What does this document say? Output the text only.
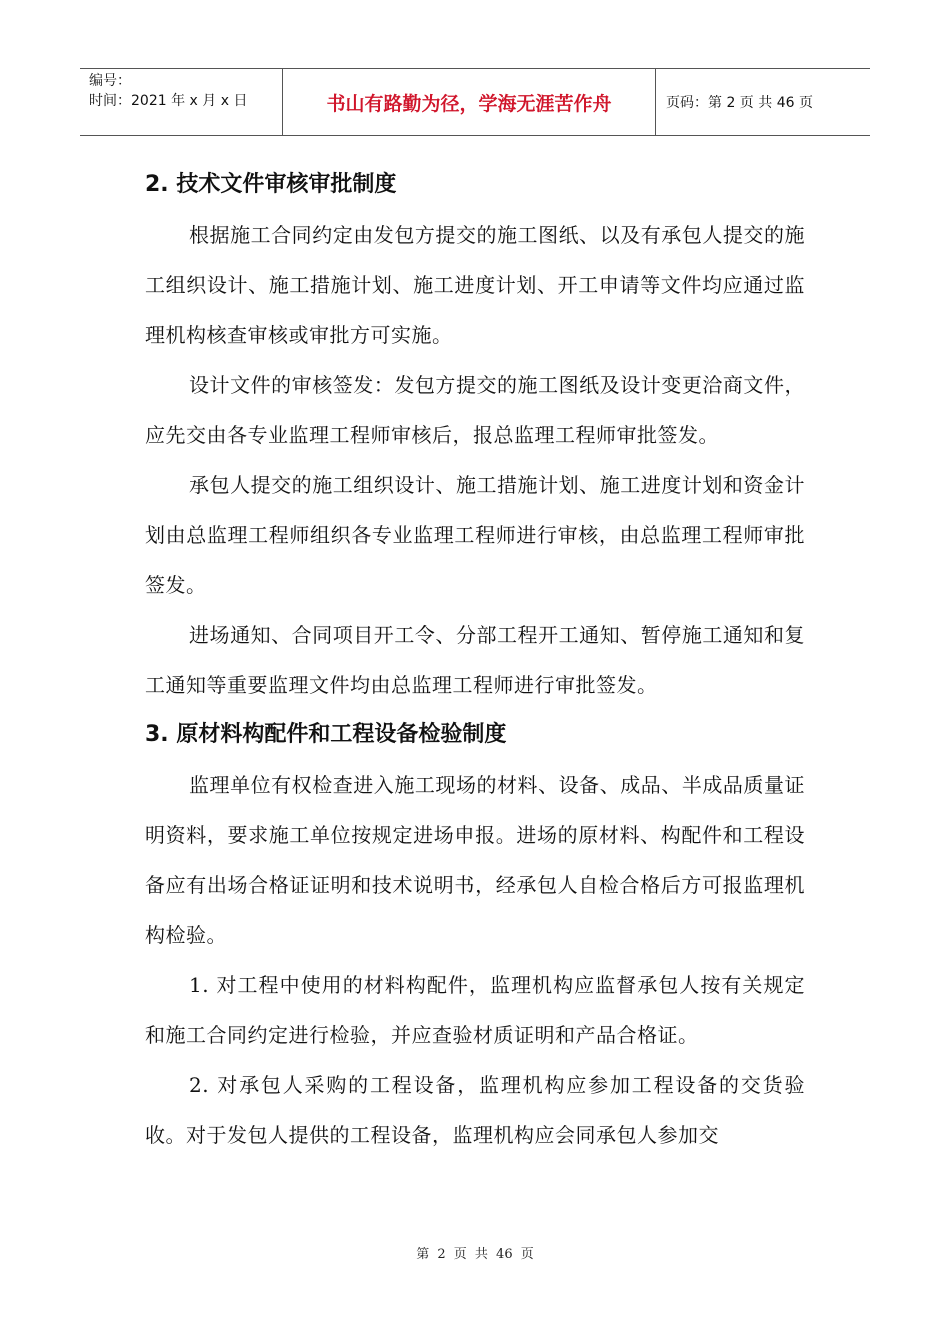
编号：
时间：2021 年 x 月 x 日	书山有路勤为径，学海无涯苦作舟	页码：第 2 页 共 46 页
2. 技术文件审核审批制度

根据施工合同约定由发包方提交的施工图纸、以及有承包人提交的施工组织设计、施工措施计划、施工进度计划、开工申请等文件均应通过监理机构核查审核或审批方可实施。

设计文件的审核签发：发包方提交的施工图纸及设计变更洽商文件，应先交由各专业监理工程师审核后，报总监理工程师审批签发。

承包人提交的施工组织设计、施工措施计划、施工进度计划和资金计划由总监理工程师组织各专业监理工程师进行审核，由总监理工程师审批签发。

进场通知、合同项目开工令、分部工程开工通知、暂停施工通知和复工通知等重要监理文件均由总监理工程师进行审批签发。

3. 原材料构配件和工程设备检验制度

监理单位有权检查进入施工现场的材料、设备、成品、半成品质量证明资料，要求施工单位按规定进场申报。进场的原材料、构配件和工程设备应有出场合格证证明和技术说明书，经承包人自检合格后方可报监理机构检验。

1. 对工程中使用的材料构配件，监理机构应监督承包人按有关规定和施工合同约定进行检验，并应查验材质证明和产品合格证。

2. 对承包人采购的工程设备，监理机构应参加工程设备的交货验收。对于发包人提供的工程设备，监理机构应会同承包人参加交

第 2 页 共 46 页
